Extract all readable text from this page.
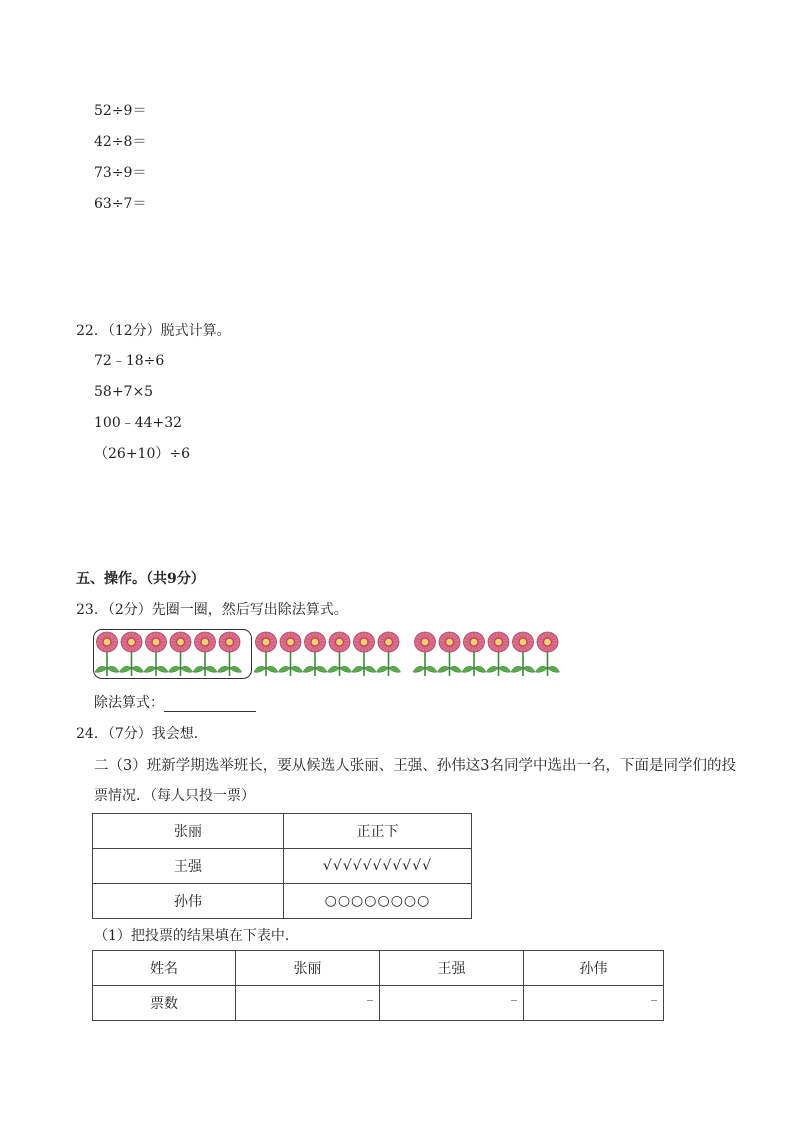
52÷9＝
42÷8＝
73÷9＝
63÷7＝
22．（12分）脱式计算。
72﹣18÷6
58+7×5
100﹣44+32
（26+10）÷6
五、操作。（共9分）
23．（2分）先圈一圈，然后写出除法算式。
除法算式：
24．（7分）我会想．
二（3）班新学期选举班长，要从候选人张丽、王强、孙伟这3名同学中选出一名，下面是同学们的投
票情况．（每人只投一票）
张丽	正正下
王强	√√√√√√√√√√√
孙伟	○○○○○○○○
（1）把投票的结果填在下表中．
姓名	张丽	王强	孙伟
票数	_	_	_
